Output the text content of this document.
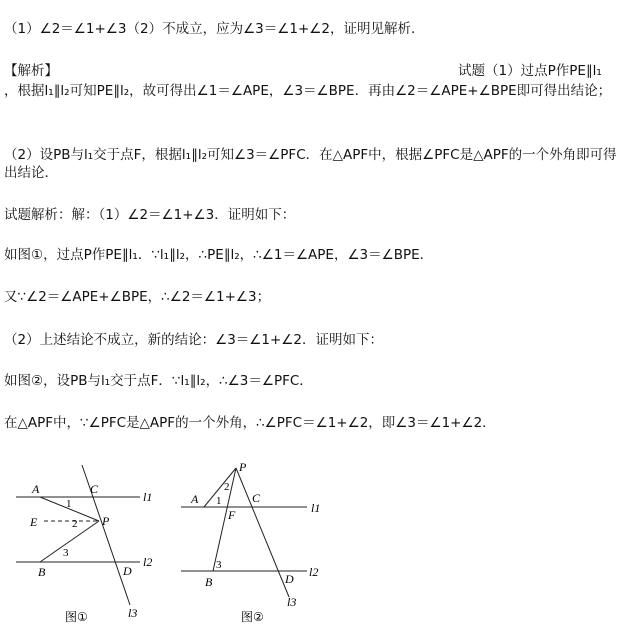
（1）∠2＝∠1+∠3（2）不成立，应为∠3＝∠1+∠2，证明见解析.
【解析】	试题（1）过点P作PE∥l₁
，根据l₁∥l₂可知PE∥l₂，故可得出∠1＝∠APE，∠3＝∠BPE．再由∠2＝∠APE+∠BPE即可得出结论；
（2）设PB与l₁交于点F，根据l₁∥l₂可知∠3＝∠PFC．在△APF中，根据∠PFC是△APF的一个外角即可得出结论．
试题解析：解：（1）∠2＝∠1+∠3．证明如下：
如图①，过点P作PE∥l₁．∵l₁∥l₂，∴PE∥l₂，∴∠1＝∠APE，∠3＝∠BPE．
又∵∠2＝∠APE+∠BPE，∴∠2＝∠1+∠3；
（2）上述结论不成立，新的结论：∠3＝∠1+∠2．证明如下：
如图②，设PB与l₁交于点F．∵l₁∥l₂，∴∠3＝∠PFC．
在△APF中，∵∠PFC是△APF的一个外角，∴∠PFC＝∠1+∠2，即∠3＝∠1+∠2．
A	C
E	P
B	D
1
2
3
l1
l2
l3
图①
P
A	C
F
B	D
1
2
3
l1
l2
l3
图②
